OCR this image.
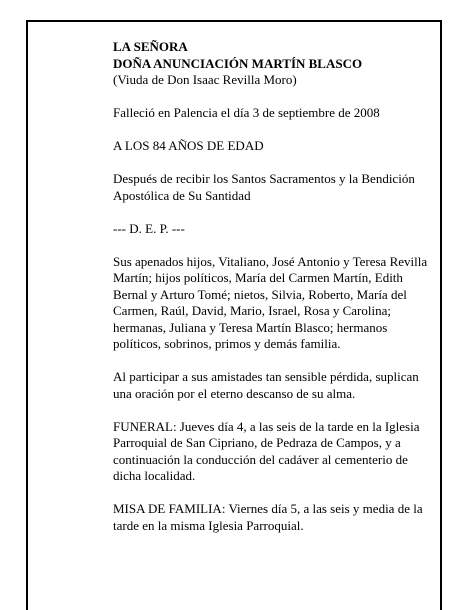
LA SEÑORA
DOÑA ANUNCIACIÓN MARTÍN BLASCO
(Viuda de Don Isaac Revilla Moro)

Falleció en Palencia el día 3 de septiembre de 2008

A LOS 84 AÑOS DE EDAD

Después de recibir los Santos Sacramentos y la Bendición Apostólica de Su Santidad

--- D. E. P. ---

Sus apenados hijos, Vitaliano, José Antonio y Teresa Revilla Martín; hijos políticos, María del Carmen Martín, Edith Bernal y Arturo Tomé; nietos, Silvia, Roberto, María del Carmen, Raúl, David, Mario, Israel, Rosa y Carolina; hermanas, Juliana y Teresa Martín Blasco; hermanos políticos, sobrinos, primos y demás familia.

Al participar a sus amistades tan sensible pérdida, suplican una oración por el eterno descanso de su alma.

FUNERAL: Jueves día 4, a las seis de la tarde en la Iglesia Parroquial de San Cipriano, de Pedraza de Campos, y a continuación la conducción del cadáver al cementerio de dicha localidad.

MISA DE FAMILIA: Viernes día 5, a las seis y media de la tarde en la misma Iglesia Parroquial.
